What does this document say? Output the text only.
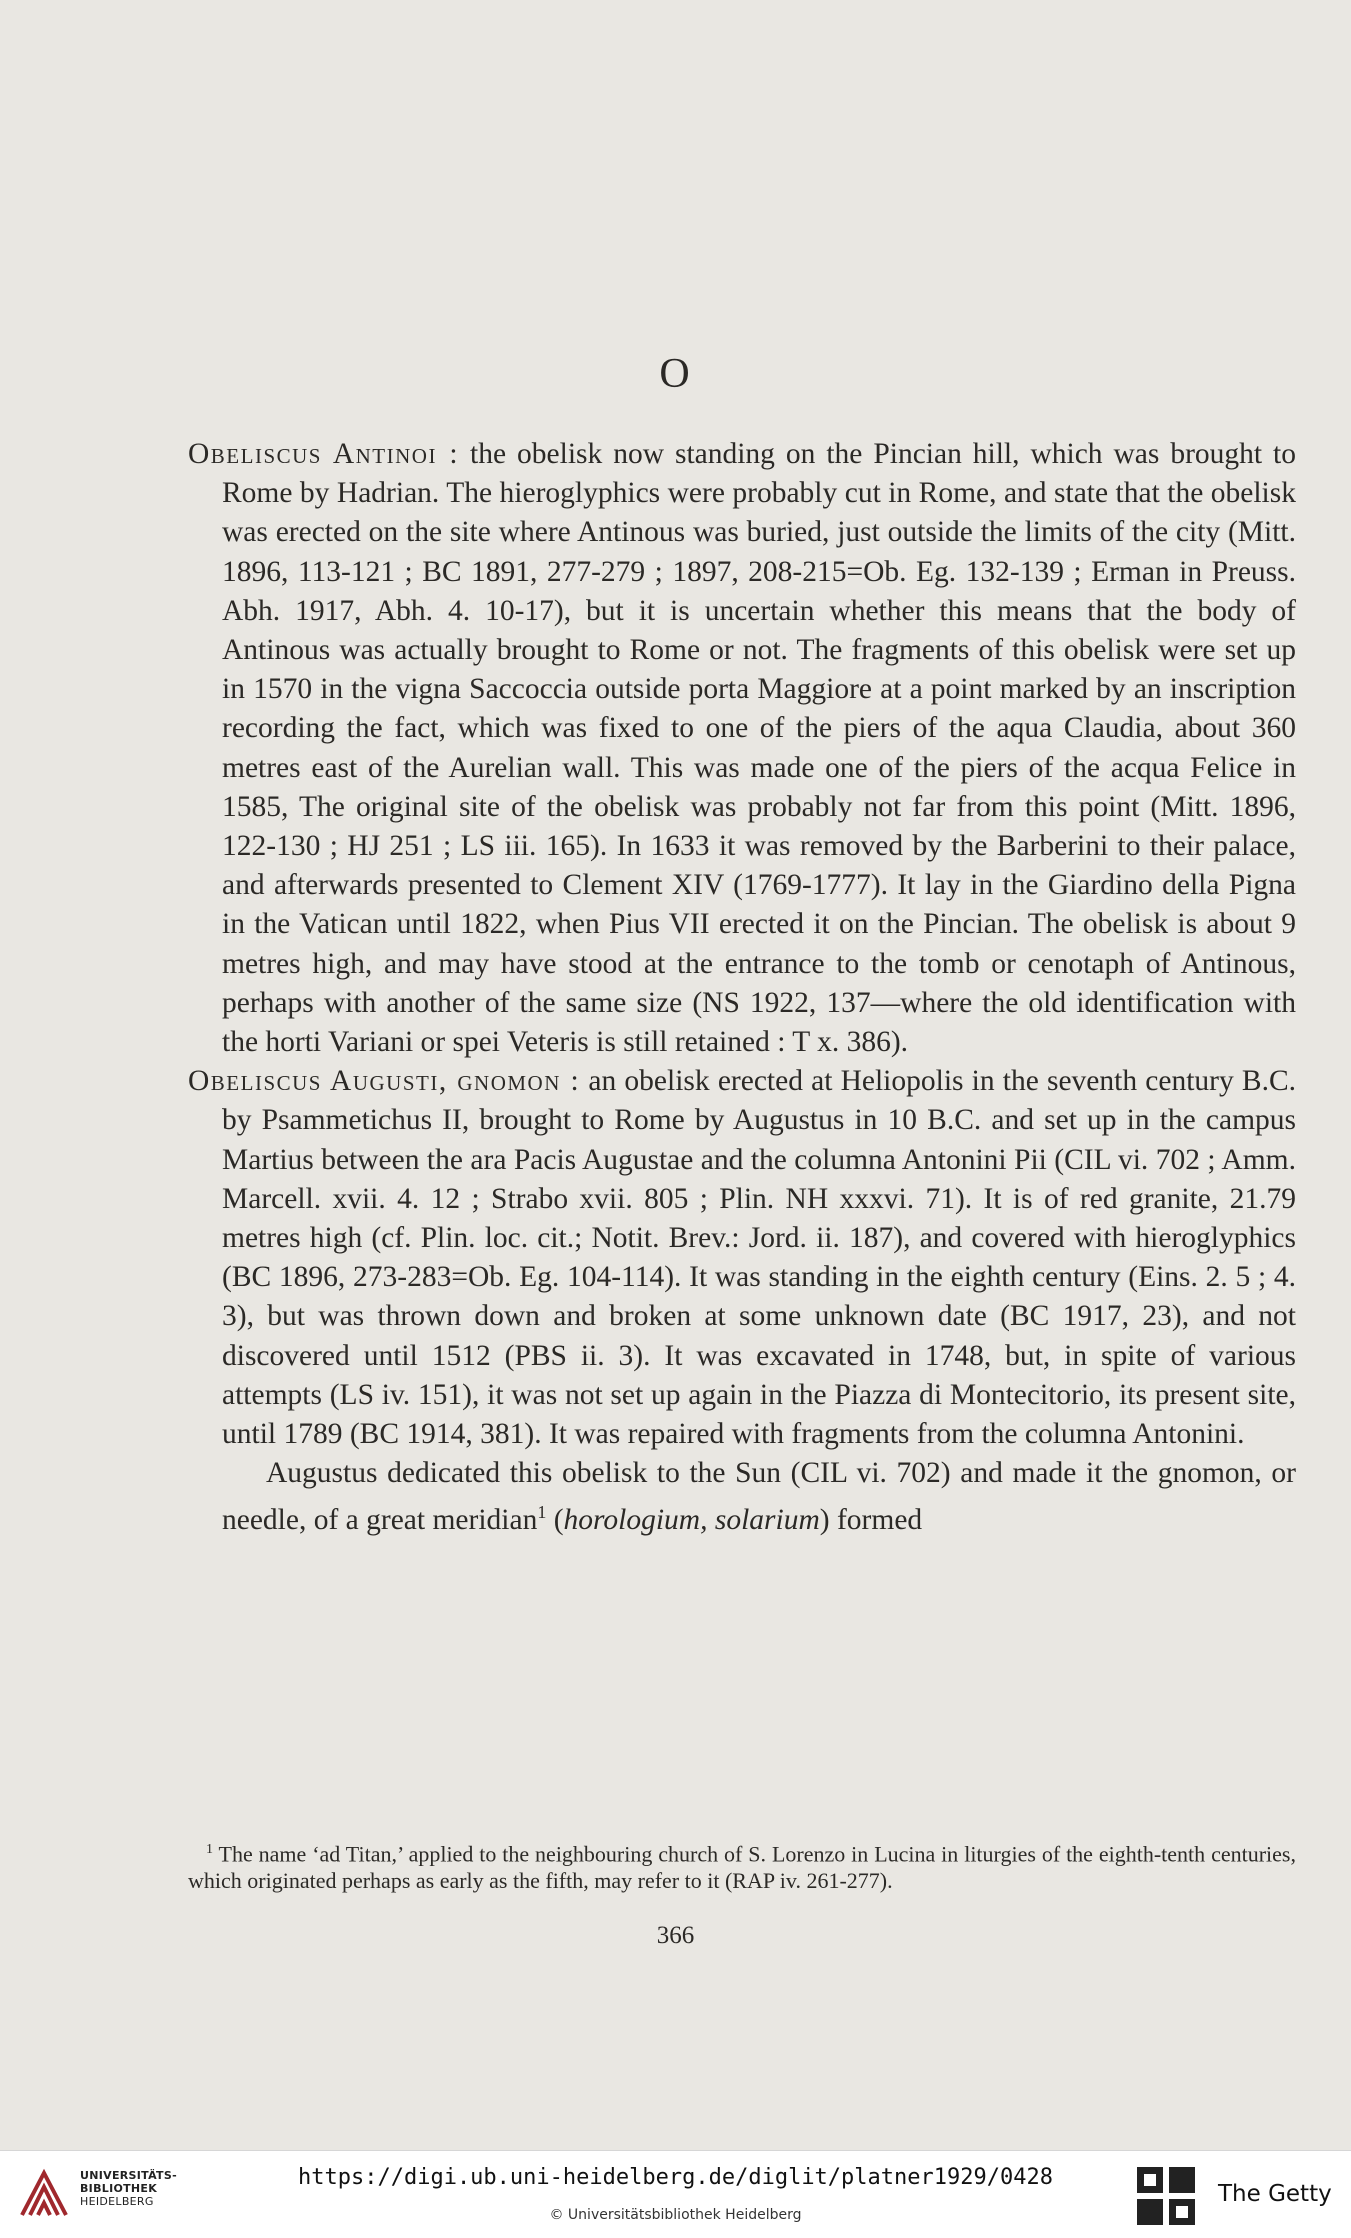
O

Obeliscus Antinoi : the obelisk now standing on the Pincian hill, which was brought to Rome by Hadrian. The hieroglyphics were probably cut in Rome, and state that the obelisk was erected on the site where Antinous was buried, just outside the limits of the city (Mitt. 1896, 113-121 ; BC 1891, 277-279 ; 1897, 208-215=Ob. Eg. 132-139 ; Erman in Preuss. Abh. 1917, Abh. 4. 10-17), but it is uncertain whether this means that the body of Antinous was actually brought to Rome or not. The fragments of this obelisk were set up in 1570 in the vigna Saccoccia outside porta Maggiore at a point marked by an inscription recording the fact, which was fixed to one of the piers of the aqua Claudia, about 360 metres east of the Aurelian wall. This was made one of the piers of the acqua Felice in 1585, The original site of the obelisk was probably not far from this point (Mitt. 1896, 122-130 ; HJ 251 ; LS iii. 165). In 1633 it was removed by the Barberini to their palace, and afterwards presented to Clement XIV (1769-1777). It lay in the Giardino della Pigna in the Vatican until 1822, when Pius VII erected it on the Pincian. The obelisk is about 9 metres high, and may have stood at the entrance to the tomb or cenotaph of Antinous, perhaps with another of the same size (NS 1922, 137—where the old identification with the horti Variani or spei Veteris is still retained : T x. 386).

Obeliscus Augusti, gnomon : an obelisk erected at Heliopolis in the seventh century B.C. by Psammetichus II, brought to Rome by Augustus in 10 B.C. and set up in the campus Martius between the ara Pacis Augustae and the columna Antonini Pii (CIL vi. 702 ; Amm. Marcell. xvii. 4. 12 ; Strabo xvii. 805 ; Plin. NH xxxvi. 71). It is of red granite, 21.79 metres high (cf. Plin. loc. cit.; Notit. Brev.: Jord. ii. 187), and covered with hieroglyphics (BC 1896, 273-283=Ob. Eg. 104-114). It was standing in the eighth century (Eins. 2. 5 ; 4. 3), but was thrown down and broken at some unknown date (BC 1917, 23), and not discovered until 1512 (PBS ii. 3). It was excavated in 1748, but, in spite of various attempts (LS iv. 151), it was not set up again in the Piazza di Montecitorio, its present site, until 1789 (BC 1914, 381). It was repaired with fragments from the columna Antonini.

Augustus dedicated this obelisk to the Sun (CIL vi. 702) and made it the gnomon, or needle, of a great meridian$^1$ (horologium, solarium) formed

$^1$ The name ‘ad Titan,’ applied to the neighbouring church of S. Lorenzo in Lucina in liturgies of the eighth-tenth centuries, which originated perhaps as early as the fifth, may refer to it (RAP iv. 261-277).

366
UNIVERSITÄTS-
BIBLIOTHEK
HEIDELBERG
https://digi.ub.uni-heidelberg.de/diglit/platner1929/0428
© Universitätsbibliothek Heidelberg
The Getty
